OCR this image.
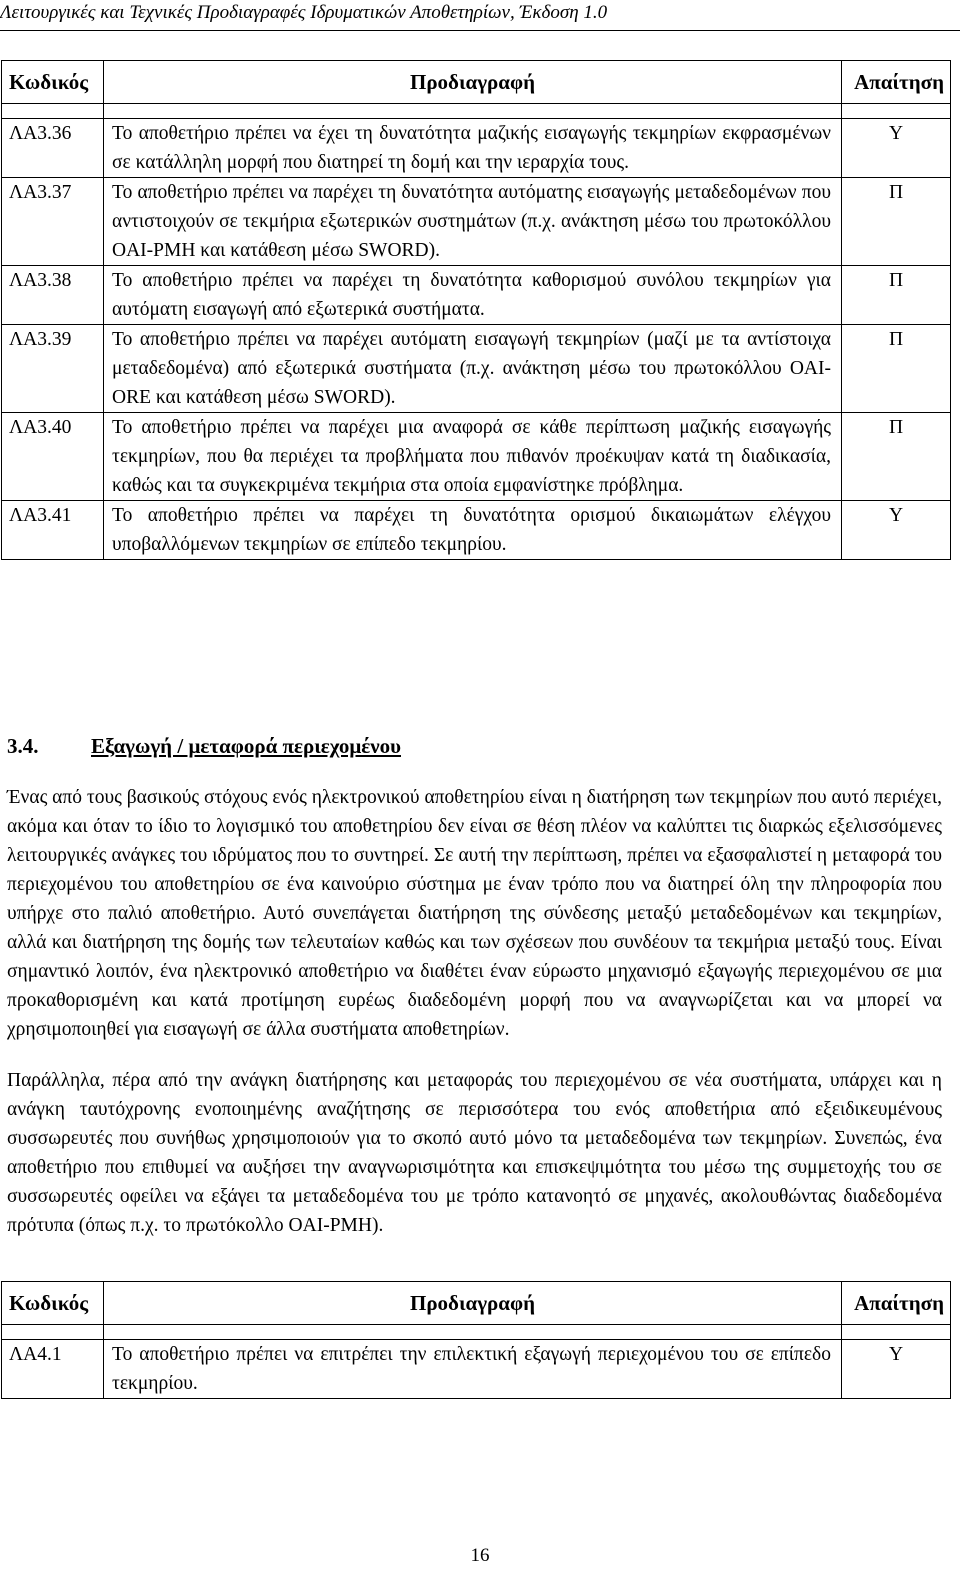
Λειτουργικές και Τεχνικές Προδιαγραφές Ιδρυματικών Αποθετηρίων, Έκδοση 1.0
Κωδικός	Προδιαγραφή	Απαίτηση

ΛΑ3.36	Το αποθετήριο πρέπει να έχει τη δυνατότητα μαζικής εισαγωγής τεκμηρίων εκφρασμένων σε κατάλληλη μορφή που διατηρεί τη δομή και την ιεραρχία τους.	Υ
ΛΑ3.37	Το αποθετήριο πρέπει να παρέχει τη δυνατότητα αυτόματης εισαγωγής μεταδεδομένων που αντιστοιχούν σε τεκμήρια εξωτερικών συστημάτων (π.χ. ανάκτηση μέσω του πρωτοκόλλου OAI-PMH και κατάθεση μέσω SWORD).	Π
ΛΑ3.38	Το αποθετήριο πρέπει να παρέχει τη δυνατότητα καθορισμού συνόλου τεκμηρίων για αυτόματη εισαγωγή από εξωτερικά συστήματα.	Π
ΛΑ3.39	Το αποθετήριο πρέπει να παρέχει αυτόματη εισαγωγή τεκμηρίων (μαζί με τα αντίστοιχα μεταδεδομένα) από εξωτερικά συστήματα (π.χ. ανάκτηση μέσω του πρωτοκόλλου OAI-ORE και κατάθεση μέσω SWORD).	Π
ΛΑ3.40	Το αποθετήριο πρέπει να παρέχει μια αναφορά σε κάθε περίπτωση μαζικής εισαγωγής τεκμηρίων, που θα περιέχει τα προβλήματα που πιθανόν προέκυψαν κατά τη διαδικασία, καθώς και τα συγκεκριμένα τεκμήρια στα οποία εμφανίστηκε πρόβλημα.	Π
ΛΑ3.41	Το αποθετήριο πρέπει να παρέχει τη δυνατότητα ορισμού δικαιωμάτων ελέγχου υποβαλλόμενων τεκμηρίων σε επίπεδο τεκμηρίου.	Υ
3.4.	Εξαγωγή / μεταφορά περιεχομένου

Ένας από τους βασικούς στόχους ενός ηλεκτρονικού αποθετηρίου είναι η διατήρηση των τεκμηρίων που αυτό περιέχει, ακόμα και όταν το ίδιο το λογισμικό του αποθετηρίου δεν είναι σε θέση πλέον να καλύπτει τις διαρκώς εξελισσόμενες λειτουργικές ανάγκες του ιδρύματος που το συντηρεί. Σε αυτή την περίπτωση, πρέπει να εξασφαλιστεί η μεταφορά του περιεχομένου του αποθετηρίου σε ένα καινούριο σύστημα με έναν τρόπο που να διατηρεί όλη την πληροφορία που υπήρχε στο παλιό αποθετήριο. Αυτό συνεπάγεται διατήρηση της σύνδεσης μεταξύ μεταδεδομένων και τεκμηρίων, αλλά και διατήρηση της δομής των τελευταίων καθώς και των σχέσεων που συνδέουν τα τεκμήρια μεταξύ τους. Είναι σημαντικό λοιπόν, ένα ηλεκτρονικό αποθετήριο να διαθέτει έναν εύρωστο μηχανισμό εξαγωγής περιεχομένου σε μια προκαθορισμένη και κατά προτίμηση ευρέως διαδεδομένη μορφή που να αναγνωρίζεται και να μπορεί να χρησιμοποιηθεί για εισαγωγή σε άλλα συστήματα αποθετηρίων.

Παράλληλα, πέρα από την ανάγκη διατήρησης και μεταφοράς του περιεχομένου σε νέα συστήματα, υπάρχει και η ανάγκη ταυτόχρονης ενοποιημένης αναζήτησης σε περισσότερα του ενός αποθετήρια από εξειδικευμένους συσσωρευτές που συνήθως χρησιμοποιούν για το σκοπό αυτό μόνο τα μεταδεδομένα των τεκμηρίων. Συνεπώς, ένα αποθετήριο που επιθυμεί να αυξήσει την αναγνωρισιμότητα και επισκεψιμότητα του μέσω της συμμετοχής του σε συσσωρευτές οφείλει να εξάγει τα μεταδεδομένα του με τρόπο κατανοητό σε μηχανές, ακολουθώντας διαδεδομένα πρότυπα (όπως π.χ. το πρωτόκολλο OAI-PMH).

Κωδικός	Προδιαγραφή	Απαίτηση

ΛΑ4.1	Το αποθετήριο πρέπει να επιτρέπει την επιλεκτική εξαγωγή περιεχομένου του σε επίπεδο τεκμηρίου.	Υ
16
